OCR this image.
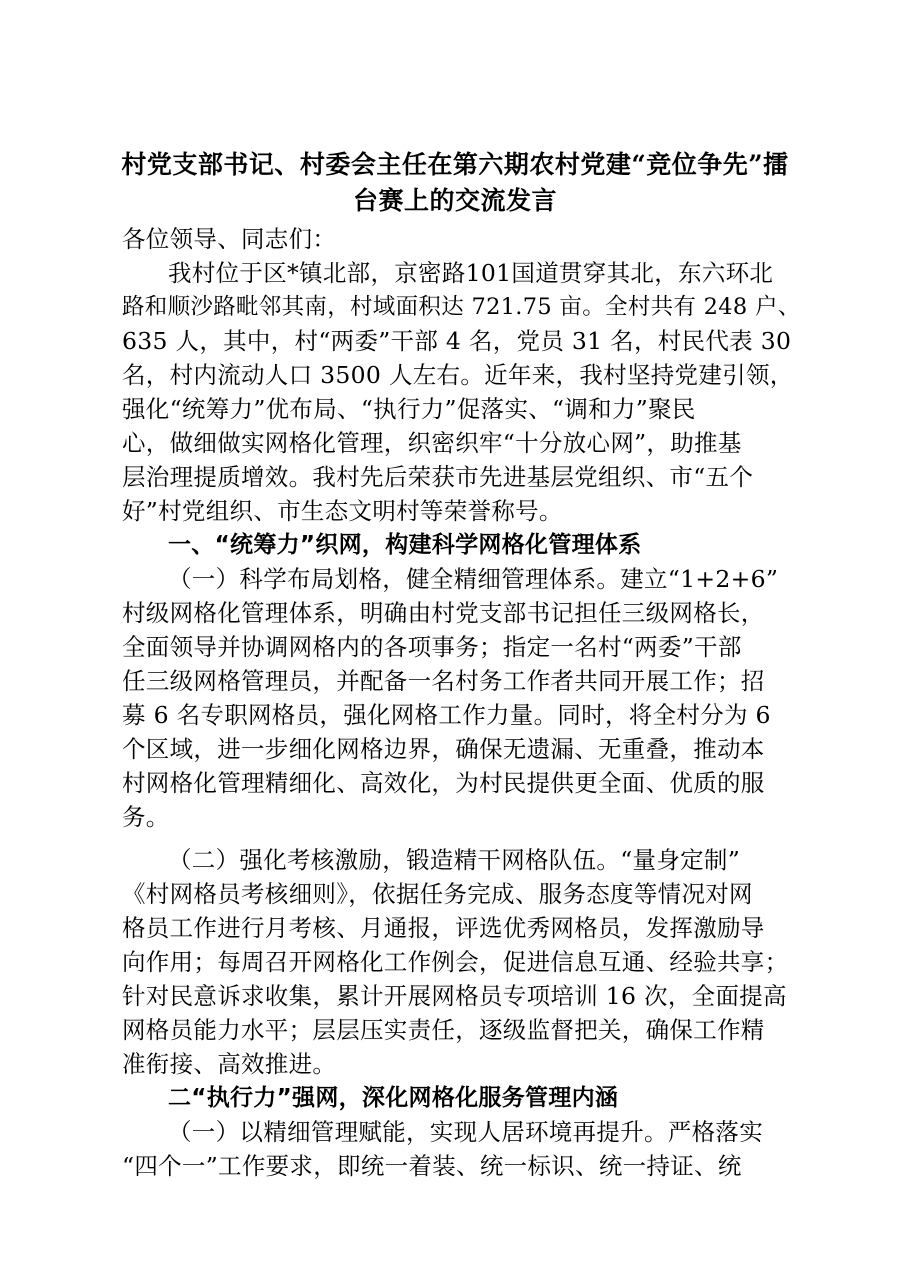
村党支部书记、村委会主任在第六期农村党建“竞位争先”擂
台赛上的交流发言
各位领导、同志们：
我村位于区*镇北部，京密路101国道贯穿其北，东六环北
路和顺沙路毗邻其南，村域面积达 721.75 亩。全村共有 248 户、
635 人，其中，村“两委”干部 4 名，党员 31 名，村民代表 30
名，村内流动人口 3500 人左右。近年来，我村坚持党建引领，
强化“统筹力”优布局、“执行力”促落实、“调和力”聚民
心，做细做实网格化管理，织密织牢“十分放心网”，助推基
层治理提质增效。我村先后荣获市先进基层党组织、市“五个
好”村党组织、市生态文明村等荣誉称号。
一、“统筹力”织网，构建科学网格化管理体系
（一）科学布局划格，健全精细管理体系。建立“1+2+6”
村级网格化管理体系，明确由村党支部书记担任三级网格长，
全面领导并协调网格内的各项事务；指定一名村“两委”干部
任三级网格管理员，并配备一名村务工作者共同开展工作；招
募 6 名专职网格员，强化网格工作力量。同时，将全村分为 6
个区域，进一步细化网格边界，确保无遗漏、无重叠，推动本
村网格化管理精细化、高效化，为村民提供更全面、优质的服
务。
（二）强化考核激励，锻造精干网格队伍。“量身定制”
《村网格员考核细则》，依据任务完成、服务态度等情况对网
格员工作进行月考核、月通报，评选优秀网格员，发挥激励导
向作用；每周召开网格化工作例会，促进信息互通、经验共享；
针对民意诉求收集，累计开展网格员专项培训 16 次，全面提高
网格员能力水平；层层压实责任，逐级监督把关，确保工作精
准衔接、高效推进。
二“执行力”强网，深化网格化服务管理内涵
（一）以精细管理赋能，实现人居环境再提升。严格落实
“四个一”工作要求，即统一着装、统一标识、统一持证、统
